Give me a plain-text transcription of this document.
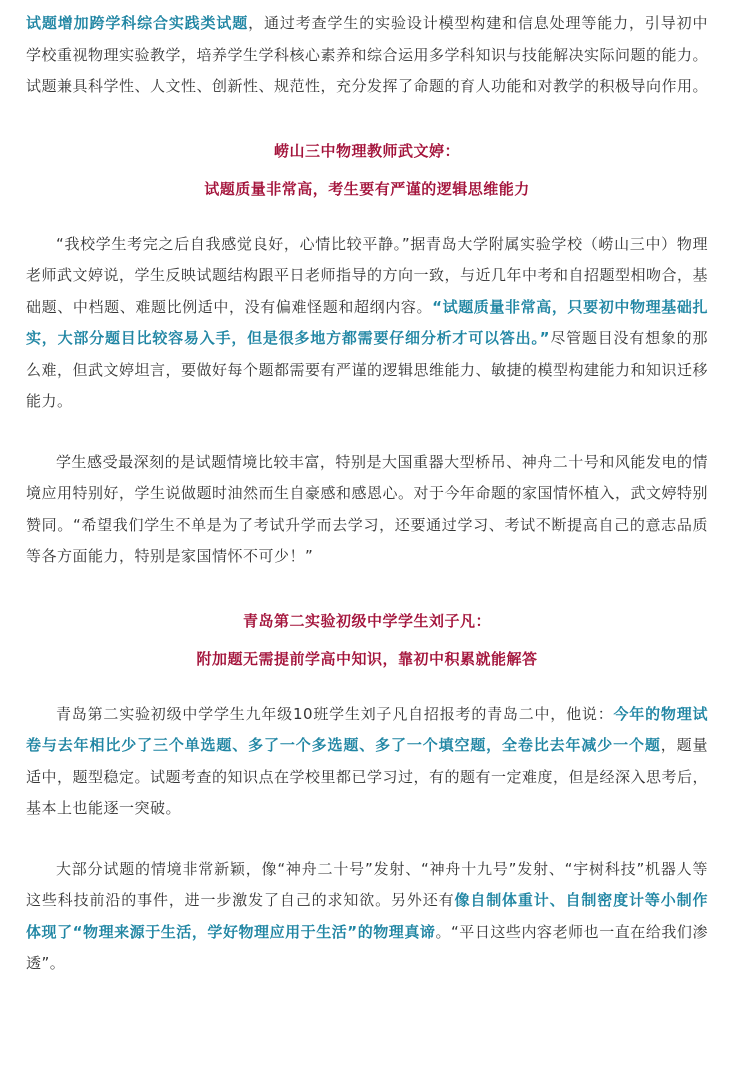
试题增加跨学科综合实践类试题，通过考查学生的实验设计模型构建和信息处理等能力，引导初中学校重视物理实验教学，培养学生学科核心素养和综合运用多学科知识与技能解决实际问题的能力。试题兼具科学性、人文性、创新性、规范性，充分发挥了命题的育人功能和对教学的积极导向作用。

崂山三中物理教师武文婷：

试题质量非常高，考生要有严谨的逻辑思维能力

“我校学生考完之后自我感觉良好，心情比较平静。”据青岛大学附属实验学校（崂山三中）物理老师武文婷说，学生反映试题结构跟平日老师指导的方向一致，与近几年中考和自招题型相吻合，基础题、中档题、难题比例适中，没有偏难怪题和超纲内容。“试题质量非常高，只要初中物理基础扎实，大部分题目比较容易入手，但是很多地方都需要仔细分析才可以答出。”尽管题目没有想象的那么难，但武文婷坦言，要做好每个题都需要有严谨的逻辑思维能力、敏捷的模型构建能力和知识迁移能力。

学生感受最深刻的是试题情境比较丰富，特别是大国重器大型桥吊、神舟二十号和风能发电的情境应用特别好，学生说做题时油然而生自豪感和感恩心。对于今年命题的家国情怀植入，武文婷特别赞同。“希望我们学生不单是为了考试升学而去学习，还要通过学习、考试不断提高自己的意志品质等各方面能力，特别是家国情怀不可少！”

青岛第二实验初级中学学生刘子凡：

附加题无需提前学高中知识，靠初中积累就能解答

青岛第二实验初级中学学生九年级10班学生刘子凡自招报考的青岛二中，他说：今年的物理试卷与去年相比少了三个单选题、多了一个多选题、多了一个填空题，全卷比去年减少一个题，题量适中，题型稳定。试题考查的知识点在学校里都已学习过，有的题有一定难度，但是经深入思考后，基本上也能逐一突破。

大部分试题的情境非常新颖，像“神舟二十号”发射、“神舟十九号”发射、“宇树科技”机器人等这些科技前沿的事件，进一步激发了自己的求知欲。另外还有像自制体重计、自制密度计等小制作体现了“物理来源于生活，学好物理应用于生活”的物理真谛。“平日这些内容老师也一直在给我们渗透”。
